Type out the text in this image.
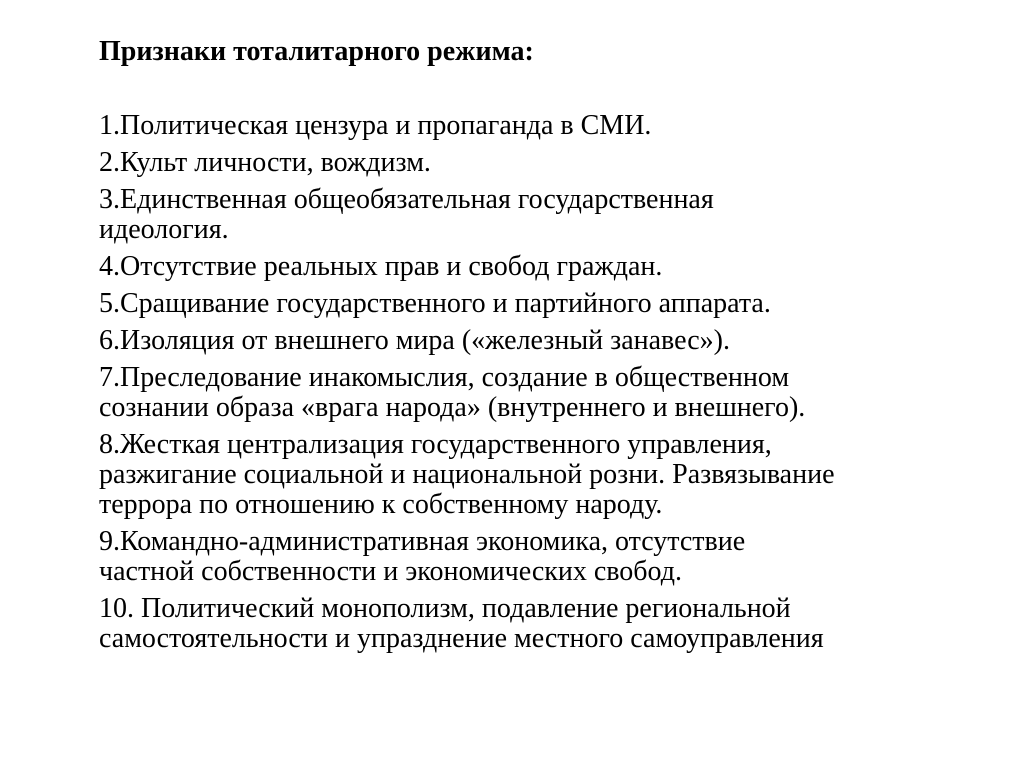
Признаки тоталитарного режима:
1.Политическая цензура и пропаганда в СМИ.
2.Культ личности, вождизм.
3.Единственная общеобязательная государственная
идеология.
4.Отсутствие реальных прав и свобод граждан.
5.Сращивание государственного и партийного аппарата.
6.Изоляция от внешнего мира («железный занавес»).
7.Преследование инакомыслия, создание в общественном
сознании образа «врага народа» (внутреннего и внешнего).
8.Жесткая централизация государственного управления,
разжигание социальной и национальной розни. Развязывание
террора по отношению к собственному народу.
9.Командно-административная экономика, отсутствие
частной собственности и экономических свобод.
10. Политический монополизм, подавление региональной
самостоятельности и упразднение местного самоуправления
